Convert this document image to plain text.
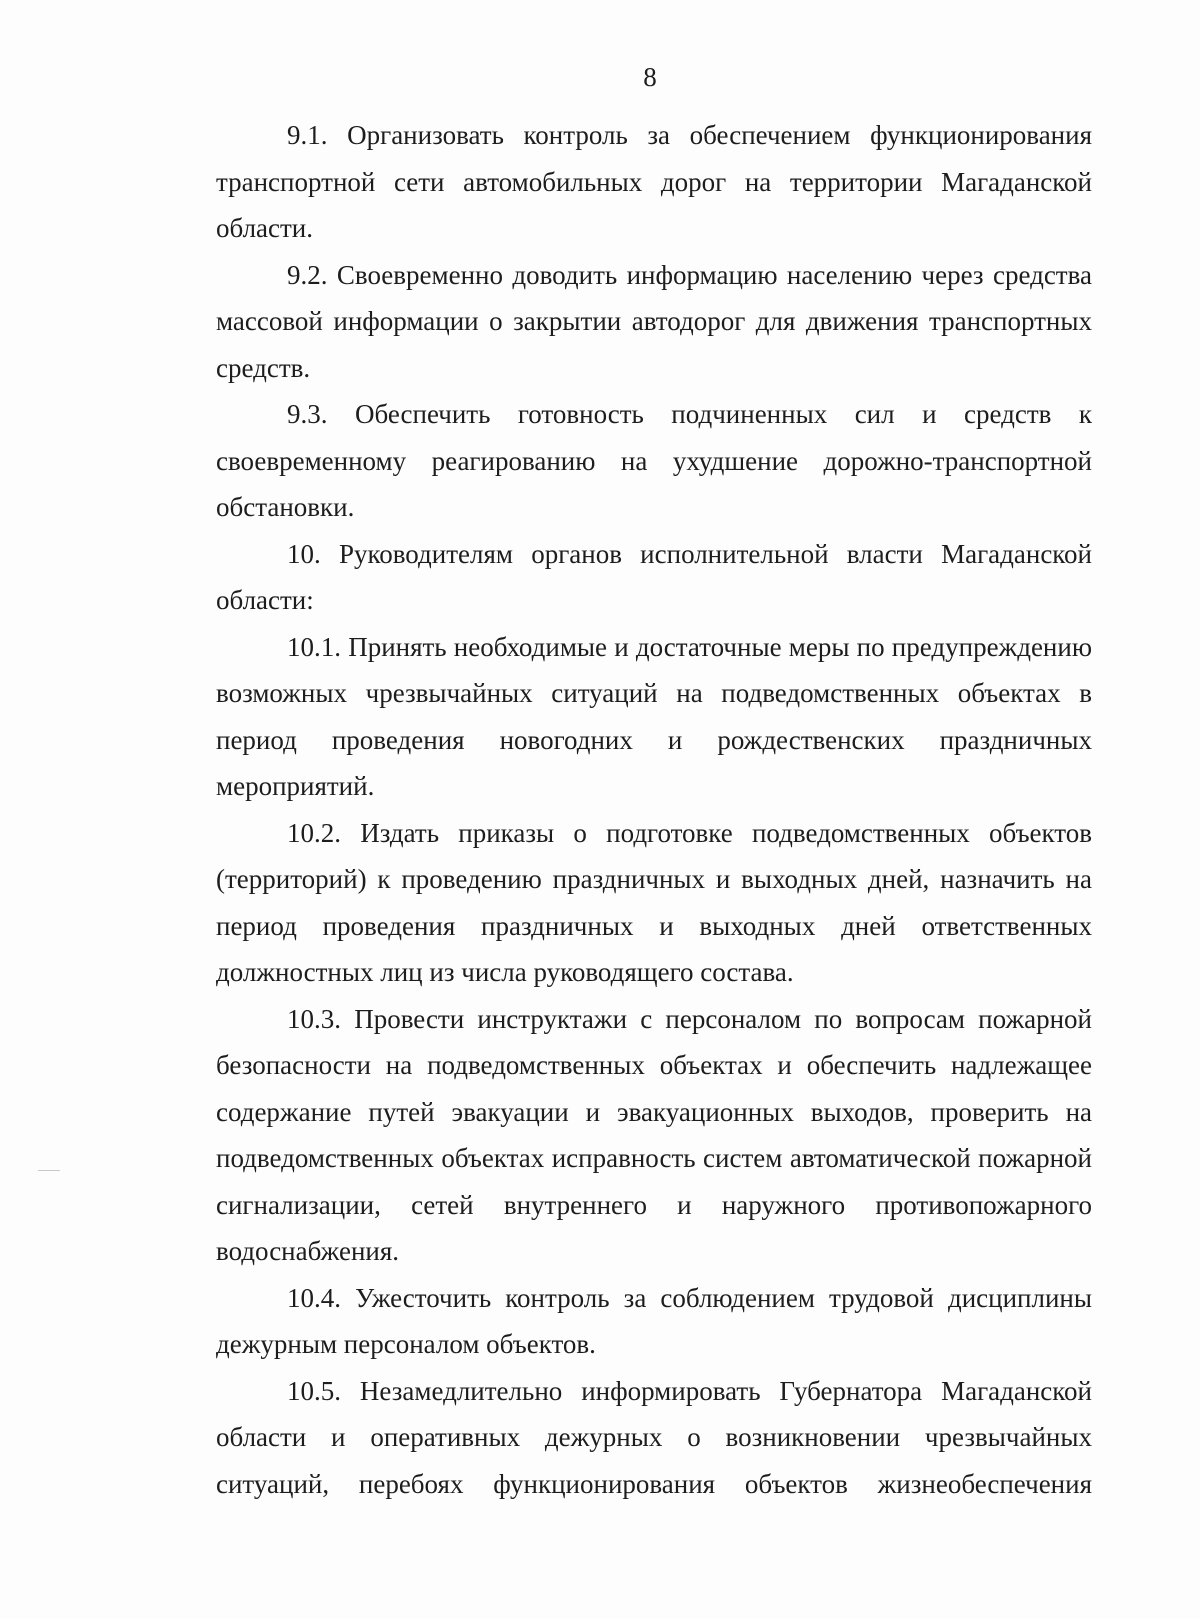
8

9.1. Организовать контроль за обеспечением функционирования транспортной сети автомобильных дорог на территории Магаданской области.

9.2. Своевременно доводить информацию населению через средства массовой информации о закрытии автодорог для движения транспортных средств.

9.3. Обеспечить готовность подчиненных сил и средств к своевременному реагированию на ухудшение дорожно-транспортной обстановки.

10. Руководителям органов исполнительной власти Магаданской области:

10.1. Принять необходимые и достаточные меры по предупреждению возможных чрезвычайных ситуаций на подведомственных объектах в период проведения новогодних и рождественских праздничных мероприятий.

10.2. Издать приказы о подготовке подведомственных объектов (территорий) к проведению праздничных и выходных дней, назначить на период проведения праздничных и выходных дней ответственных должностных лиц из числа руководящего состава.

10.3. Провести инструктажи с персоналом по вопросам пожарной безопасности на подведомственных объектах и обеспечить надлежащее содержание путей эвакуации и эвакуационных выходов, проверить на подведомственных объектах исправность систем автоматической пожарной сигнализации, сетей внутреннего и наружного противопожарного водоснабжения.

10.4. Ужесточить контроль за соблюдением трудовой дисциплины дежурным персоналом объектов.

10.5. Незамедлительно информировать Губернатора Магаданской области и оперативных дежурных о возникновении чрезвычайных ситуаций, перебоях функционирования объектов жизнеобеспечения
